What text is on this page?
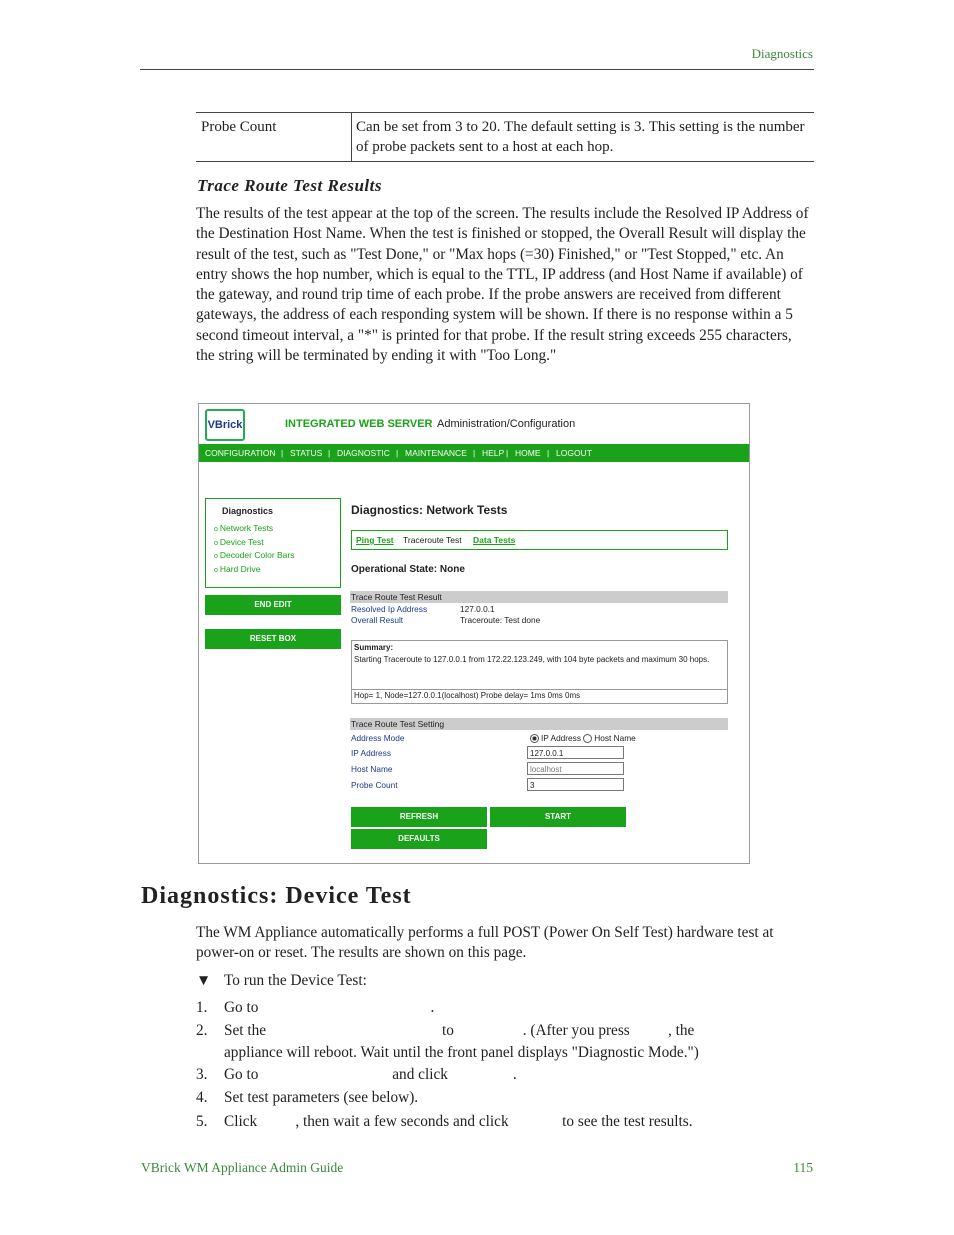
Diagnostics
Probe Count	Can be set from 3 to 20. The default setting is 3. This setting is the number of probe packets sent to a host at each hop.
Trace Route Test Results
The results of the test appear at the top of the screen. The results include the Resolved IP Address of the Destination Host Name. When the test is finished or stopped, the Overall Result will display the result of the test, such as "Test Done," or "Max hops (=30) Finished," or "Test Stopped," etc. An entry shows the hop number, which is equal to the TTL, IP address (and Host Name if available) of the gateway, and round trip time of each probe. If the probe answers are received from different gateways, the address of each responding system will be shown. If there is no response within a 5 second timeout interval, a "*" is printed for that probe. If the result string exceeds 255 characters, the string will be terminated by ending it with "Too Long."
VBrick	INTEGRATED WEB SERVER Administration/Configuration
CONFIGURATION | STATUS | DIAGNOSTIC | MAINTENANCE | HELP | HOME | LOGOUT
Diagnostics
o Network Tests
o Device Test
o Decoder Color Bars
o Hard Drive
END EDIT
RESET BOX
Diagnostics: Network Tests
Ping Test Traceroute Test Data Tests
Operational State: None
Trace Route Test Result
Resolved Ip Address	127.0.0.1
Overall Result	Traceroute: Test done
Summary:
Starting Traceroute to 127.0.0.1 from 172.22.123.249, with 104 byte packets and maximum 30 hops.
Hop= 1, Node=127.0.0.1(localhost) Probe delay= 1ms 0ms 0ms
Trace Route Test Setting
Address Mode	IP Address Host Name
IP Address	127.0.0.1
Host Name	localhost
Probe Count	3
REFRESH	START
DEFAULTS
Diagnostics: Device Test
The WM Appliance automatically performs a full POST (Power On Self Test) hardware test at power-on or reset. The results are shown on this page.
▼ To run the Device Test:
1. Go to                                             .
2. Set the                                              to                  . (After you press          , the
appliance will reboot. Wait until the front panel displays "Diagnostic Mode.")
3. Go to                                   and click                 .
4. Set test parameters (see below).
5. Click          , then wait a few seconds and click              to see the test results.
VBrick WM Appliance Admin Guide	115
